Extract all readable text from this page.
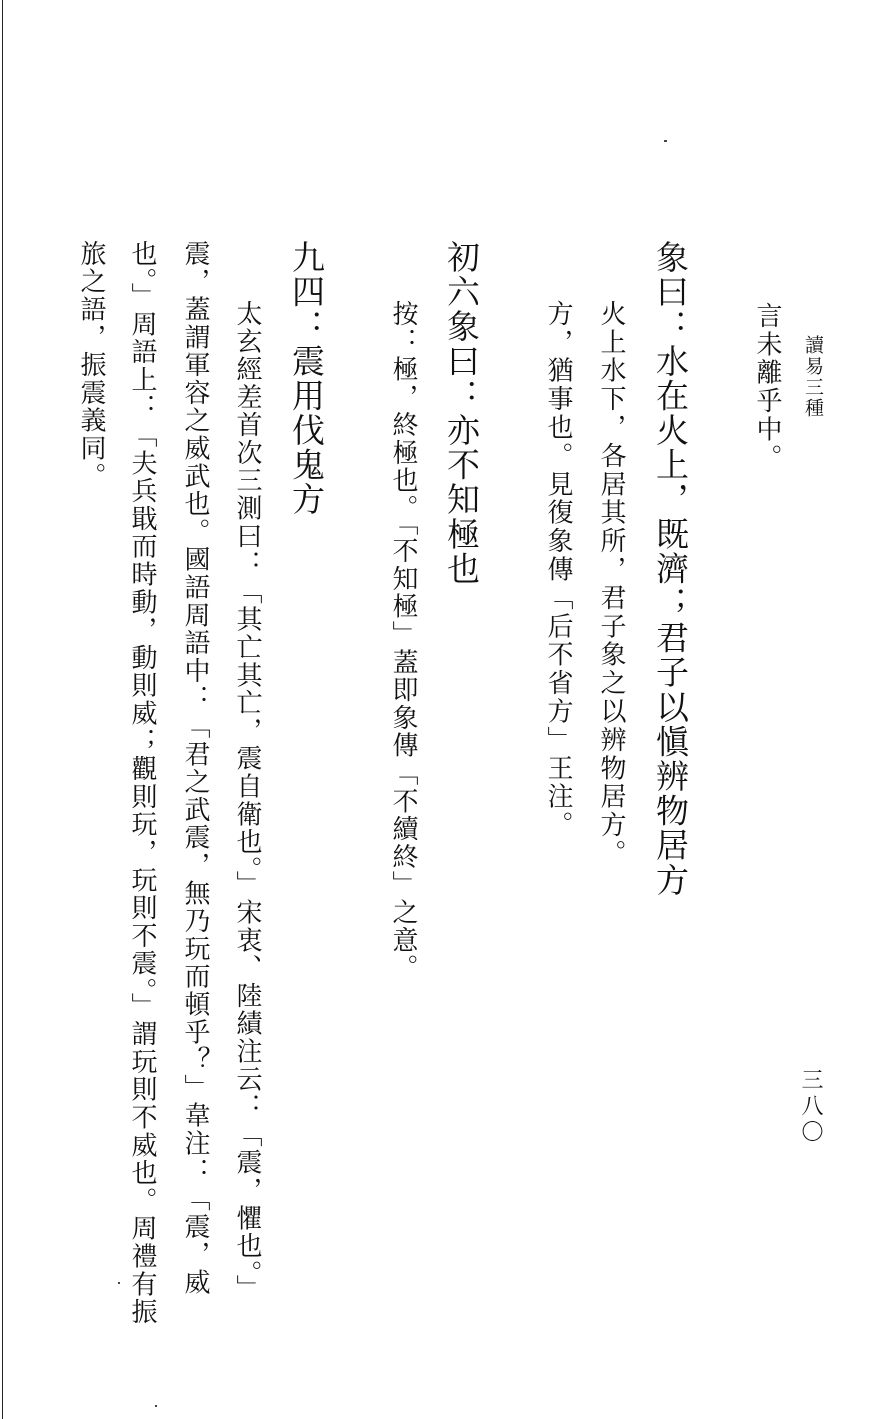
讀易三種
三八〇
言未離乎中。
象曰：水在火上，既濟；君子以愼辨物居方
火上水下，各居其所，君子象之以辨物居方。
方，猶事也。見復象傳「后不省方」王注。
初六象曰：亦不知極也
按：極，終極也。「不知極」蓋即象傳「不續終」之意。
九四：震用伐鬼方
太玄經差首次三測曰：「其亡其亡，震自衛也。」宋衷、陸績注云：「震，懼也。」
震，蓋謂軍容之威武也。國語周語中：「君之武震，無乃玩而頓乎？」韋注：「震，威
也。」周語上：「夫兵戢而時動，動則威；觀則玩，玩則不震。」謂玩則不威也。周禮有振
旅之語，振震義同。
